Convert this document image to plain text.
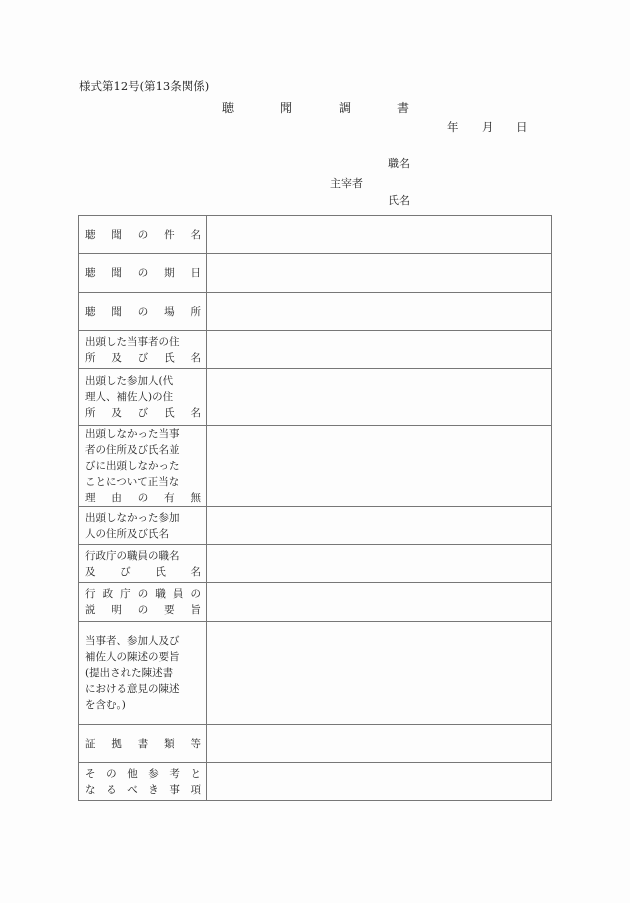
様式第12号(第13条関係)
聴	聞	調	書
年 月 日
職名
主宰者
氏名
聴 聞 の 件 名	

聴 聞 の 期 日	

聴 聞 の 場 所	

出頭した当事者の住
所 及 び 氏 名

出頭した参加人(代
理人、補佐人)の住
所 及 び 氏 名

出頭しなかった当事
者の住所及び氏名並
びに出頭しなかった
ことについて正当な
理 由 の 有 無

出頭しなかった参加
人の住所及び氏名	

行政庁の職員の職名
及 び 氏 名	

行 政 庁 の 職 員 の
説 明 の 要 旨

当事者、参加人及び
補佐人の陳述の要旨
(提出された陳述書
における意見の陳述
を含む。)	

証 拠 書 類 等	

そ の 他 参 考 と
な る べ き 事 項
